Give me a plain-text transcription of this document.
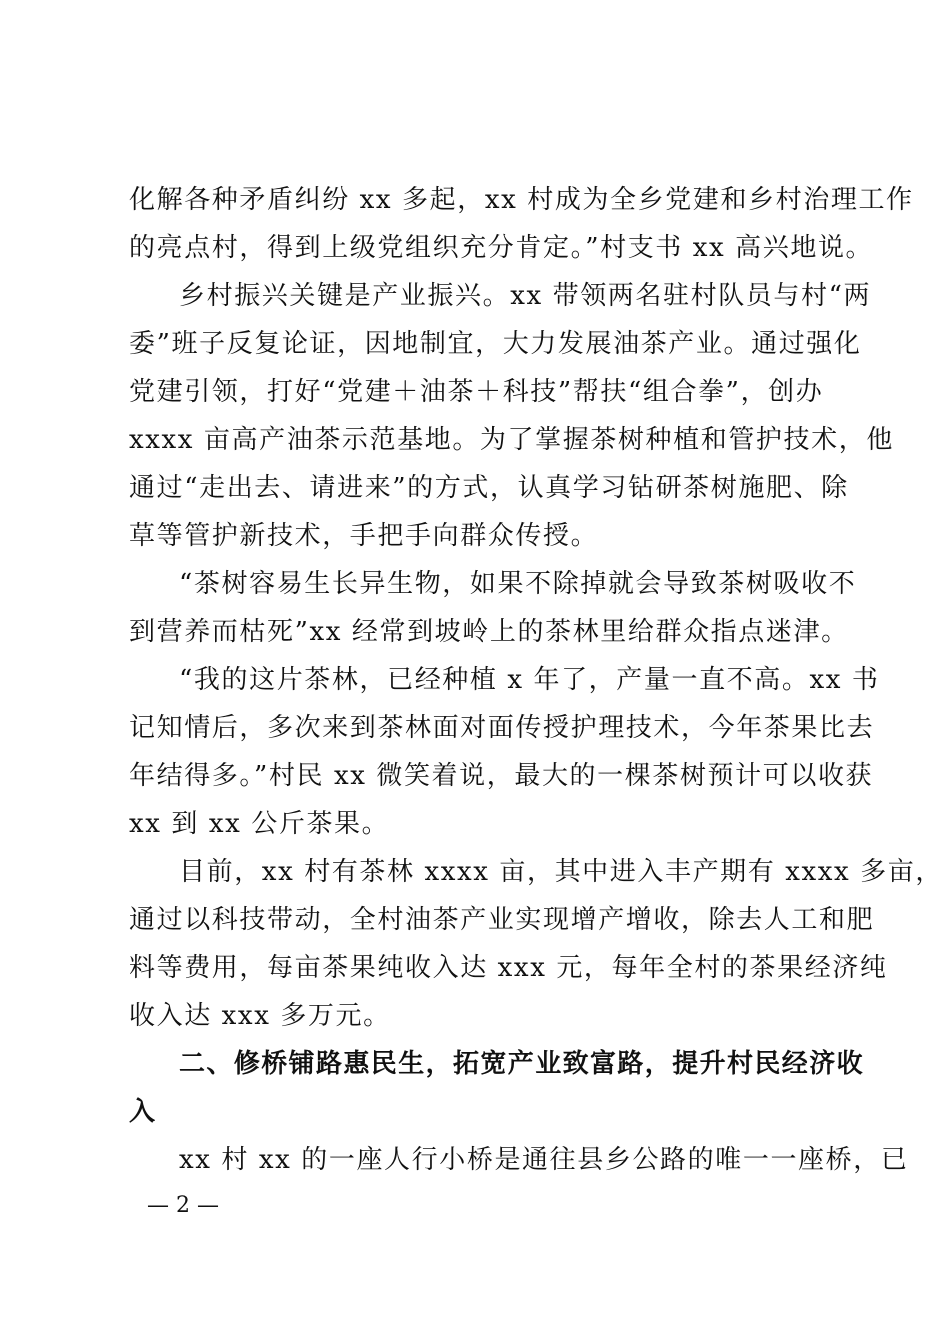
化解各种矛盾纠纷 xx 多起，xx 村成为全乡党建和乡村治理工作
的亮点村，得到上级党组织充分肯定。”村支书 xx 高兴地说。
乡村振兴关键是产业振兴。xx 带领两名驻村队员与村“两
委”班子反复论证，因地制宜，大力发展油茶产业。通过强化
党建引领，打好“党建＋油茶＋科技”帮扶“组合拳”，创办
xxxx 亩高产油茶示范基地。为了掌握茶树种植和管护技术，他
通过“走出去、请进来”的方式，认真学习钻研茶树施肥、除
草等管护新技术，手把手向群众传授。
“茶树容易生长异生物，如果不除掉就会导致茶树吸收不
到营养而枯死”xx 经常到坡岭上的茶林里给群众指点迷津。
“我的这片茶林，已经种植 x 年了，产量一直不高。xx 书
记知情后，多次来到茶林面对面传授护理技术，今年茶果比去
年结得多。”村民 xx 微笑着说，最大的一棵茶树预计可以收获
xx 到 xx 公斤茶果。
目前，xx 村有茶林 xxxx 亩，其中进入丰产期有 xxxx 多亩，
通过以科技带动，全村油茶产业实现增产增收，除去人工和肥
料等费用，每亩茶果纯收入达 xxx 元，每年全村的茶果经济纯
收入达 xxx 多万元。
二、修桥铺路惠民生，拓宽产业致富路，提升村民经济收
入
xx 村 xx 的一座人行小桥是通往县乡公路的唯一一座桥，已
— 2 —
